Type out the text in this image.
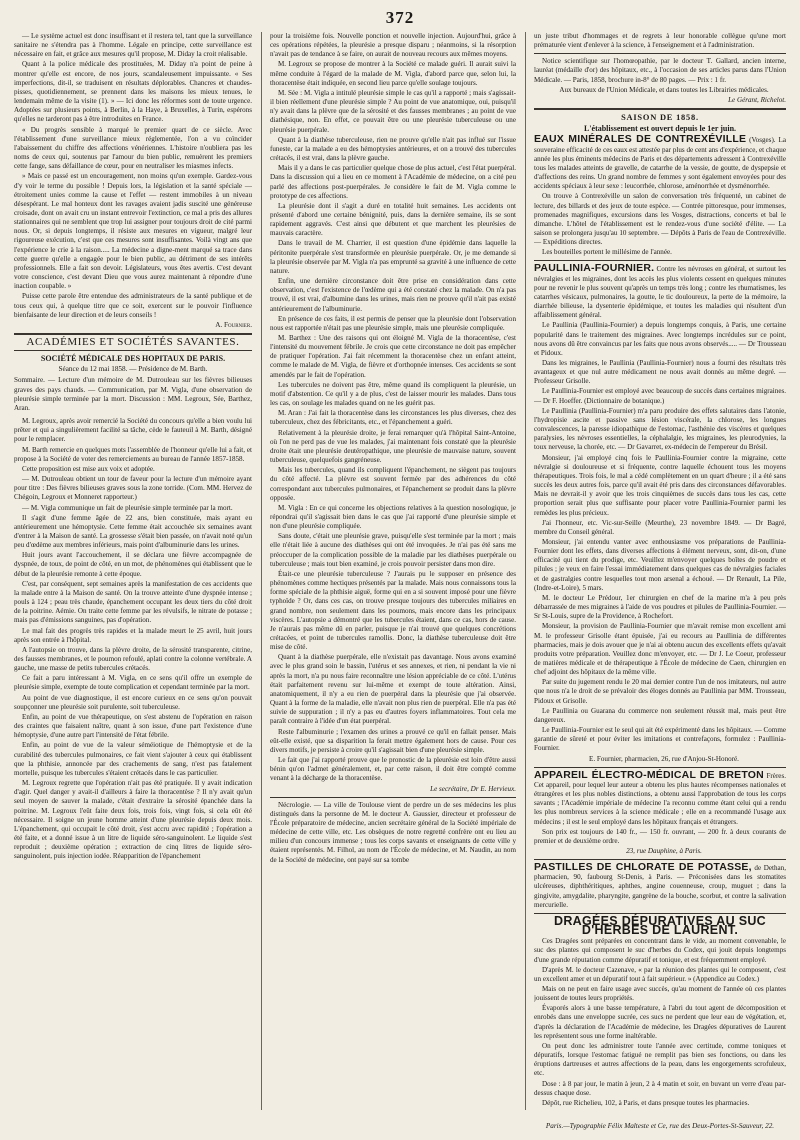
372

— Le système actuel est donc insuffisant et il restera tel, tant que la surveillance sanitaire ne s'étendra pas à l'homme. Légale en principe, cette surveillance est nécessaire en fait, et grâce aux mesures qu'il propose, M. Diday la croit réalisable.

Quant à la police médicale des prostituées, M. Diday n'a point de peine à montrer qu'elle est encore, de nos jours, scandaleusement impuissante. « Ses imperfections, dit-il, se traduisent en résultats déplorables. Chancres et chaudes-pisses, quotidiennement, se prennent dans les maisons les mieux tenues, le lendemain même de la visite (1). » — Ici donc les réformes sont de toute urgence. Adoptées sur plusieurs points, à Berlin, à la Haye, à Bruxelles, à Turin, espérons qu'elles ne tarderont pas à être introduites en France.

« Du progrès sensible à marqué le premier quart de ce siècle. Avec l'établissement d'une surveillance mieux réglementée, l'on a vu coïncider l'abaissement du chiffre des affections vénériennes. L'histoire n'oubliera pas les noms de ceux qui, soutenus par l'amour du bien public, remuèrent les premiers cette fange, sans défaillance de cœur, pour en neutraliser les miasmes infects.

» Mais ce passé est un encouragement, non moins qu'un exemple. Gardez-vous d'y voir le terme du possible ! Depuis lors, la législation et la santé spéciale — étroitement unies comme la cause et l'effet — restent immobiles à un niveau désespérant. Le mal honteux dont les ravages avaient jadis suscité une généreuse croisade, dont on avait cru un instant entrevoir l'extinction, ce mal a pris des allures stationnaires qui ne semblent que trop lui assigner pour toujours droit de cité parmi nous. Or, si depuis longtemps, il résiste aux mesures en vigueur, malgré leur rigoureuse exécution, c'est que ces mesures sont insuffisantes. Voilà vingt ans que l'expérience le crie à la raison..... La médecine a digne-ment marqué sa trace dans cette guerre qu'elle a engagée pour le bien public, au détriment de ses intérêts professionnels. Elle a fait son devoir. Législateurs, vous êtes avertis. C'est devant votre conscience, c'est devant Dieu que vous aurez maintenant à répondre d'une inaction coupable. »

Puisse cette parole être entendue des administrateurs de la santé publique et de tous ceux qui, à quelque titre que ce soit, exercent sur le pouvoir l'influence bienfaisante de leur direction et de leurs conseils !

A. Fournier.
ACADÉMIES ET SOCIÉTÉS SAVANTES.
SOCIÉTÉ MÉDICALE DES HOPITAUX DE PARIS.
Séance du 12 mai 1858. — Présidence de M. Barth.

Sommaire. — Lecture d'un mémoire de M. Dutrouleau sur les fièvres bilieuses graves des pays chauds. — Communication, par M. Vigla, d'une observation de pleurésie simple terminée par la mort. Discussion : MM. Legroux, Sée, Barthez, Aran.

M. Legroux, après avoir remercié la Société du concours qu'elle a bien voulu lui prêter et qui a singulièrement facilité sa tâche, cède le fauteuil à M. Barth, désigné pour le remplacer.

M. Barth remercie en quelques mots l'assemblée de l'honneur qu'elle lui a fait, et propose à la Société de voter des remerciements au bureau de l'année 1857-1858.

Cette proposition est mise aux voix et adoptée.

— M. Dutrouleau obtient un tour de faveur pour la lecture d'un mémoire ayant pour titre : Des fièvres bilieuses graves sous la zone torride. (Com. MM. Hervez de Chégoin, Legroux et Monneret rapporteur.)

— M. Vigla communique un fait de pleurésie simple terminée par la mort.

Il s'agit d'une femme âgée de 22 ans, bien constituée, mais ayant eu antérieurement une hémoptysie. Cette femme était accouchée six semaines avant d'entrer à la Maison de santé. La grossesse s'était bien passée, on n'avait noté qu'un peu d'œdème aux membres inférieurs, mais point d'albuminurie dans les urines.

Huit jours avant l'accouchement, il se déclara une fièvre accompagnée de dyspnée, de toux, de point de côté, en un mot, de phénomènes qui établissent que le début de la pleurésie remonte à cette époque.

C'est, par conséquent, sept semaines après la manifestation de ces accidents que la malade entre à la Maison de santé. On la trouve atteinte d'une dyspnée intense ; pouls à 124 ; peau très chaude, épanchement occupant les deux tiers du côté droit de la poitrine. Aémie. On traite cette femme par les révulsifs, le nitrate de potasse ; mais pas d'émissions sanguines, pas d'opération.

Le mal fait des progrès très rapides et la malade meurt le 25 avril, huit jours après son entrée à l'hôpital.

A l'autopsie on trouve, dans la plèvre droite, de la sérosité transparente, citrine, des fausses membranes, et le poumon refoulé, aplati contre la colonne vertébrale. A gauche, une masse de petits tubercules crétacés.

Ce fait a paru intéressant à M. Vigla, en ce sens qu'il offre un exemple de pleurésie simple, exempte de toute complication et cependant terminée par la mort.

Au point de vue diagnostique, il est encore curieux en ce sens qu'on pouvait soupçonner une pleurésie soit purulente, soit tuberculeuse.

Enfin, au point de vue thérapeutique, on s'est abstenu de l'opération en raison des craintes que faisaient naître, quant à son issue, d'une part l'existence d'une hémoptysie, d'une autre part l'intensité de l'état fébrile.

Enfin, au point de vue de la valeur séméiotique de l'hémoptysie et de la curabilité des tubercules pulmonaires, ce fait vient s'ajouter à ceux qui établissent que la phthisie, annoncée par des crachements de sang, n'est pas fatalement mortelle, puisque les tubercules s'étaient crétacés dans le cas particulier.

M. Legroux regrette que l'opération n'ait pas été pratiquée. Il y avait indication d'agir. Quel danger y avait-il d'ailleurs à faire la thoracentèse ? Il n'y avait qu'un seul moyen de sauver la malade, c'était d'extraire la sérosité épanchée dans la poitrine. M. Legroux l'eût faite deux fois, trois fois, vingt fois, si cela eût été nécessaire. Il soigne un jeune homme atteint d'une pleurésie depuis deux mois. L'épanchement, qui occupait le côté droit, s'est accru avec rapidité ; l'opération a été faite, et a donné issue à un litre de liquide séro-sanguinolent. Le liquide s'est reproduit ; deuxième opération ; extraction de cinq litres de liquide séro-sanguinolent, puis injection iodée. Réapparition de l'épanchement

pour la troisième fois. Nouvelle ponction et nouvelle injection. Aujourd'hui, grâce à ces opérations répétées, la pleurésie a presque disparu ; néanmoins, si la résorption n'avait pas de tendance à se faire, on aurait de nouveau recours aux mêmes moyens.

M. Legroux se propose de montrer à la Société ce malade guéri. Il aurait suivi la même conduite à l'égard de la malade de M. Vigla, d'abord parce que, selon lui, la thoracentèse était indiquée, en second lieu parce qu'elle soulage toujours.

M. Sée : M. Vigla a intitulé pleurésie simple le cas qu'il a rapporté ; mais s'agissait-il bien réellement d'une pleurésie simple ? Au point de vue anatomique, oui, puisqu'il n'y avait dans la plèvre que de la sérosité et des fausses membranes ; au point de vue diathésique, non. En effet, ce pouvait être ou une pleurésie tuberculeuse ou une pleurésie puerpérale.

Quant à la diathèse tuberculeuse, rien ne prouve qu'elle n'ait pas influé sur l'issue funeste, car la malade a eu des hémoptysies antérieures, et on a trouvé des tubercules crétacés, il est vrai, dans la plèvre gauche.

Mais il y a dans le cas particulier quelque chose de plus actuel, c'est l'état puerpéral. Dans la discussion qui a lieu en ce moment à l'Académie de médecine, on a cité peu parlé des affections post-puerpérales. Je considère le fait de M. Vigla comme le prototype de ces affections.

La pleurésie dont il s'agit a duré en totalité huit semaines. Les accidents ont présenté d'abord une certaine bénignité, puis, dans la dernière semaine, ils se sont rapidement aggravés. C'est ainsi que débutent et que marchent les pleurésies de mauvais caractère.

Dans le travail de M. Charrier, il est question d'une épidémie dans laquelle la péritonite puerpérale s'est transformée en pleurésie puerpérale. Or, je me demande si la pleurésie observée par M. Vigla n'a pas emprunté sa gravité à une influence de cette nature.

Enfin, une dernière circonstance doit être prise en considération dans cette observation, c'est l'existence de l'œdème qui a été constaté chez la malade. On n'a pas trouvé, il est vrai, d'albumine dans les urines, mais rien ne prouve qu'il n'ait pas existé antérieurement de l'albuminurie.

En présence de ces faits, il est permis de penser que la pleurésie dont l'observation nous est rapportée n'était pas une pleurésie simple, mais une pleurésie compliquée.

M. Barthez : Une des raisons qui ont éloigné M. Vigla de la thoracentèse, c'est l'intensité du mouvement fébrile. Je crois que cette circonstance ne doit pas empêcher de pratiquer l'opération. J'ai fait récemment la thoracentèse chez un enfant atteint, comme le malade de M. Vigla, de fièvre et d'orthopnée intenses. Ces accidents se sont amendés par le fait de l'opération.

Les tubercules ne doivent pas être, même quand ils compliquent la pleurésie, un motif d'abstention. Ce qu'il y a de plus, c'est de laisser mourir les malades. Dans tous les cas, on soulage les malades quand on ne les guérit pas.

M. Aran : J'ai fait la thoracentèse dans les circonstances les plus diverses, chez des tuberculeux, chez des fébricitants, etc., et l'épanchement a guéri.

Relativement à la pleurésie droite, je ferai remarquer qu'à l'hôpital Saint-Antoine, où l'on ne perd pas de vue les malades, j'ai maintenant fois constaté que la pleurésie droite était une pleurésie deutéropathique, une pleurésie de mauvaise nature, souvent tuberculeuse, quelquefois gangréneuse.

Mais les tubercules, quand ils compliquent l'épanchement, ne siègent pas toujours du côté affecté. La plèvre est souvent fermée par des adhérences du côté correspondant aux tubercules pulmonaires, et l'épanchement se produit dans la plèvre opposée.

M. Vigla : En ce qui concerne les objections relatives à la question nosologique, je répondrai qu'il s'agissait bien dans le cas que j'ai rapporté d'une pleurésie simple et non d'une pleurésie compliquée.

Sans doute, c'était une pleurésie grave, puisqu'elle s'est terminée par la mort ; mais elle n'était liée à aucune des diathèses qui ont été invoquées. Je n'ai pas été sans me préoccuper de la complication possible de la maladie par les diathèses puerpérale ou tuberculeuse ; mais tout bien examiné, je crois pouvoir persister dans mon dire.

Était-ce une pleurésie tuberculeuse ? J'aurais pu le supposer en présence des phénomènes comme hectiques présentés par la malade. Mais nous connaissons tous la forme spéciale de la phthisie aiguë, forme qui en a si souvent imposé pour une fièvre typhoïde ? Or, dans ces cas, on trouve presque toujours des tubercules miliaires en grand nombre, non seulement dans les poumons, mais encore dans les principaux viscères. L'autopsie a démontré que les tubercules étaient, dans ce cas, hors de cause. Je n'aurais pas même dû en parler, puisque je n'ai trouvé que quelques concrétions crétacées, et point de tubercules ramollis. Donc, la diathèse tuberculeuse doit être mise de côté.

Quant à la diathèse puerpérale, elle n'existait pas davantage. Nous avons examiné avec le plus grand soin le bassin, l'utérus et ses annexes, et rien, ni pendant la vie ni après la mort, n'a pu nous faire reconnaître une lésion appréciable de ce côté. L'utérus était parfaitement revenu sur lui-même et exempt de toute altération. Ainsi, anatomiquement, il n'y a eu rien de puerpéral dans la pleurésie que j'ai observée. Quant à la forme de la maladie, elle n'avait non plus rien de puerpéral. Elle n'a pas été suivie de suppuration ; il n'y a pas eu d'autres foyers inflammatoires. Tout cela me paraît contraire à l'idée d'un état puerpéral.

Reste l'albuminurie ; l'examen des urines a prouvé ce qu'il en fallait penser. Mais eût-elle existé, que sa disparition la ferait mettre également hors de cause. Pour ces divers motifs, je persiste à croire qu'il s'agissait bien d'une pleurésie simple.

Le fait que j'ai rapporté prouve que le pronostic de la pleurésie est loin d'être aussi bénin qu'on l'admet généralement, et, par cette raison, il doit être compté comme venant à la décharge de la thoracentèse.

Le secrétaire, Dr E. Hervieux.

Nécrologie. — La ville de Toulouse vient de perdre un de ses médecins les plus distingués dans la personne de M. le docteur A. Gaussier, directeur et professeur de l'École préparatoire de médecine, ancien secrétaire général de la Société impériale de médecine de cette ville, etc. Les obsèques de notre regretté confrère ont eu lieu au milieu d'un concours immense ; tous les corps savants et enseignants de cette ville y étaient représentés. M. Filhol, au nom de l'École de médecine, et M. Naudin, au nom de la Société de médecine, ont payé sur sa tombe

un juste tribut d'hommages et de regrets à leur honorable collègue qu'une mort prématurée vient d'enlever à la science, à l'enseignement et à l'administration.

Notice scientifique sur l'homœopathie, par le docteur T. Gallard, ancien interne, lauréat (médaille d'or) des hôpitaux, etc., à l'occasion de ses articles parus dans l'Union Médicale. — Paris, 1858, brochure in-8° de 80 pages. — Prix : 1 fr.

Aux bureaux de l'Union Médicale, et dans toutes les Librairies médicales.

Le Gérant, Richelot.
SAISON DE 1858.
L'établissement est ouvert depuis le 1er juin.

EAUX MINÉRALES DE CONTREXÉVILLE (Vosges). La souveraine efficacité de ces eaux est attestée par plus de cent ans d'expérience, et chaque année les plus éminents médecins de Paris et des départements adressent à Contrexéville tous les malades atteints de gravelle, de catarrhe de la vessie, de goutte, de dyspepsie et d'affections des reins. Un grand nombre de femmes y sont également envoyées pour des accidents spéciaux à leur sexe : leucorrhée, chlorose, aménorrhée et dysménorrhée.

On trouve à Contrexéville un salon de conversation très fréquenté, un cabinet de lecture, des billards et des jeux de toute espèce. — Contrée pittoresque, pour immenses, promenades magnifiques, excursions dans les Vosges, distractions, concerts et bal le dimanche. L'hôtel de l'établissement est le rendez-vous d'une société d'élite. — La saison se prolongera jusqu'au 10 septembre. — Dépôts à Paris de l'eau de Contrexéville. — Expéditions directes.

Les bouteilles portent le millésime de l'année.

PAULLINIA-FOURNIER. Contre les névroses en général, et surtout les névralgies et les migraines, dont les accès les plus violents cessent en quelques minutes pour ne revenir le plus souvent qu'après un temps très long ; contre les rhumatismes, les catarrhes vésicaux, pulmonaires, la goutte, le tic douloureux, la perte de la mémoire, la diarrhée bilieuse, la dysenterie épidémique, et toutes les maladies qui résultent d'un affaiblissement général.

Le Paullinia (Paullinia-Fournier) a depuis longtemps conquis, à Paris, une certaine popularité dans le traitement des migraines. Avec longtemps incrédules sur ce point, nous avons dû être convaincus par les faits que nous avons observés..... — Dr Trousseau et Pidoux.

Dans les migraines, le Paullinia (Paullinia-Fournier) nous a fourni des résultats très avantageux et que nul autre médicament ne nous avait donnés au même degré. — Professeur Grisolle.

Le Paullinia-Fournier est employé avec beaucoup de succès dans certaines migraines. — Dr F. Hoeffer. (Dictionnaire de botanique.)

Le Paullinia (Paullinia-Fournier) m'a paru produire des effets salutaires dans l'atonie, l'hydropisie ascite et passive sans lésion viscérale, la chlorose, les longues convalescences, la paresse idiopathique de l'estomac, l'asthénie des viscères et quelques paralysies, les névroses essentielles, la céphalalgie, les migraines, les pleurodynies, la toux nerveuse, la chorée, etc. — Dr Gavarret, ex-médecin de l'empereur du Brésil.

Monsieur, j'ai employé cinq fois le Paullinia-Fournier contre la migraine, cette névralgie si douloureuse et si fréquente, contre laquelle échouent tous les moyens thérapeutiques. Trois fois, le mal a cédé complètement en un quart d'heure ; il a été sans succès les deux autres fois, parce qu'il avait été pris dans des circonstances défavorables. Mais ne devrait-il y avoir que les trois cinquièmes de succès dans tous les cas, cette proportion serait plus que suffisante pour placer votre Paullinia-Fournier parmi les remèdes les plus précieux.

J'ai l'honneur, etc. Vic-sur-Seille (Meurthe), 23 novembre 1849. — Dr Bagré, membre du Conseil général.

Monsieur, j'ai entendu vanter avec enthousiasme vos préparations de Paullinia-Fournier dont les effets, dans diverses affections à élément nerveux, sont, dit-on, d'une efficacité qui tient du prodige, etc. Veuillez m'envoyer quelques boîtes de poudre et pilules ; je veux en faire l'essai immédiatement dans quelques cas de névralgies faciales et de gastralgies contre lesquelles tout mon arsenal a échoué. — Dr Renault, La Pile, (Indre-et-Loire), 5 mars.

M. le docteur Le Prédour, 1er chirurgien en chef de la marine m'a à peu près débarrassée de mes migraines à l'aide de vos poudres et pilules de Paullinia-Fournier. — Sr St-Louis, supre de la Providence, à Rochefort.

Monsieur, la provision de Paullinia-Fournier que m'avait remise mon excellent ami M. le professeur Grisolle étant épuisée, j'ai eu recours au Paullinia de différentes pharmacies, mais je dois avouer que je n'ai ai obtenu aucun des excellents effets qu'avait produits votre préparation. Veuillez donc m'envoyer, etc. — Dr J. Le Coeur, professeur de matières médicale et de thérapeutique à l'École de médecine de Caen, chirurgien en chef adjoint des hôpitaux de la même ville.

Par suite du jugement rendu le 20 mai dernier contre l'un de nos imitateurs, nul autre que nous n'a le droit de se prévaloir des éloges donnés au Paullinia par MM. Trousseau, Pidoux et Grisolle.

Le Paullinia ou Guarana du commerce non seulement réussit mal, mais peut être dangereux.

Le Paullinia-Fournier est le seul qui ait été expérimenté dans les hôpitaux. — Comme garantie de sûreté et pour éviter les imitations et contrefaçons, formulez : Paullinia-Fournier.

E. Fournier, pharmacien, 26, rue d'Anjou-St-Honoré.

APPAREIL ÉLECTRO-MÉDICAL DE BRETON Frères. Cet appareil, pour lequel leur auteur a obtenu les plus hautes récompenses nationales et étrangères et les plus nobles distinctions, a obtenu aussi l'approbation de tous les corps savants ; l'Académie impériale de médecine l'a reconnu comme étant celui qui a rendu les plus nombreux services à la science médicale ; elle en a recommandé l'usage aux médecins ; il est le seul employé dans les hôpitaux français et étrangers.

Son prix est toujours de 140 fr., — 150 fr. ouvrant, — 200 fr. à deux courants de premier et de deuxième ordre.

23, rue Dauphine, à Paris.

PASTILLES DE CHLORATE DE POTASSE, de Dethan, pharmacien, 90, faubourg St-Denis, à Paris. — Préconisées dans les stomatites ulcéreuses, diphthéritiques, aphthes, angine couenneuse, croup, muguet ; dans la gingivite, amygdalite, pharyngite, gangrène de la bouche, scorbut, et contre la salivation mercurielle.

DRAGÉES DÉPURATIVES AU SUC D'HERBES DE LAURENT.

Ces Dragées sont préparées en concentrant dans le vide, au moment convenable, le suc des plantes qui composent le suc d'herbes du Codex, qui jouit depuis longtemps d'une grande réputation comme dépuratif et tonique, et est fréquemment employé.

D'après M. le docteur Cazenave, « par la réunion des plantes qui le composent, c'est un excellent amer et un dépuratif tout à fait supérieur. » (Appendice au Codex.)

Mais on ne peut en faire usage avec succès, qu'au moment de l'année où ces plantes jouissent de toutes leurs propriétés.

Évaporés alors à une basse température, à l'abri du tout agent de décomposition et enrobés dans une enveloppe sucrée, ces sucs ne perdent que leur eau de végétation, et, d'après la déclaration de l'Académie de médecine, les Dragées dépuratives de Laurent les représentent sous une forme inaltérable.

On peut donc les administrer toute l'année avec certitude, comme toniques et dépuratifs, lorsque l'estomac fatigué ne remplit pas bien ses fonctions, ou dans les éruptions dartreuses et autres affections de la peau, dans les engorgements scrofuleux, etc.

Dose : à 8 par jour, le matin à jeun, 2 à 4 matin et soir, en buvant un verre d'eau par-dessus chaque dose.

Dépôt, rue Richelieu, 102, à Paris, et dans presque toutes les pharmacies.

Paris.—Typographie Félix Malteste et Ce, rue des Deux-Portes-St-Sauveur, 22.
